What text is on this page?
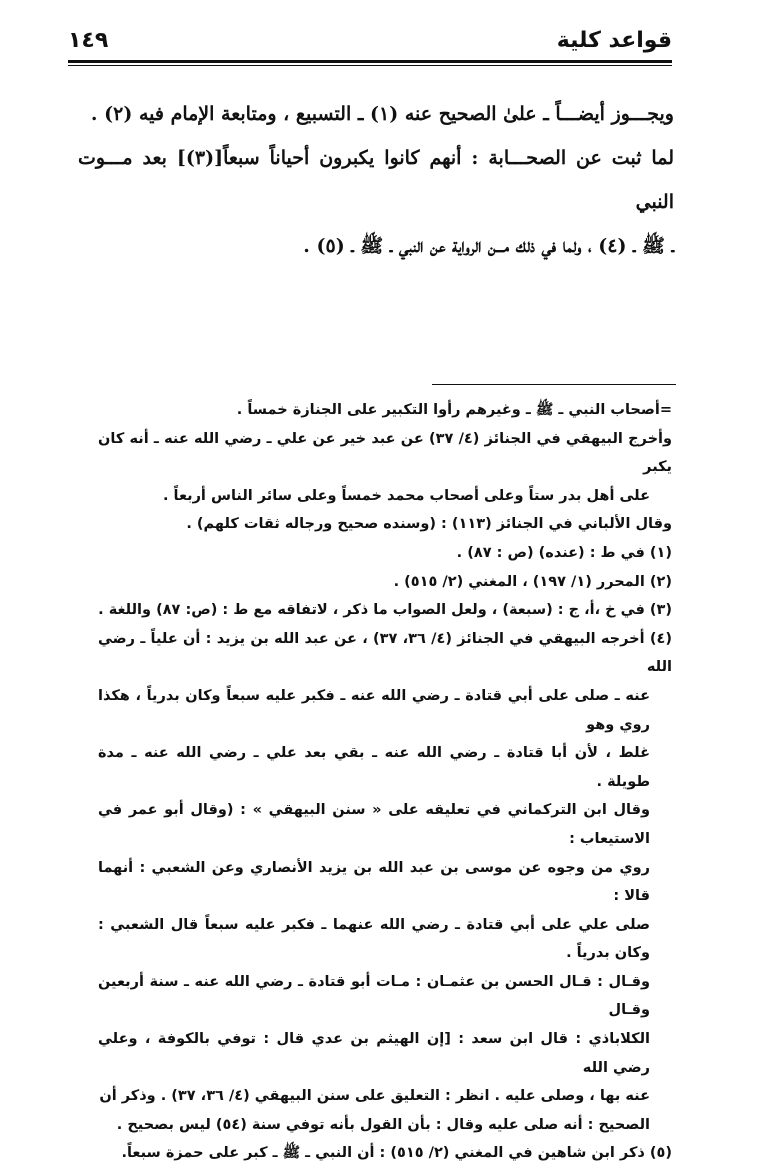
قواعد كلية
١٤٩

ويجـــوز أيضـــاً ـ علىٰ الصحيح عنه (١) ـ التسبيع ، ومتابعة الإمام فيه (٢) .

لما ثبت عن الصحـــابة : أنهم كانوا يكبرون أحياناً سبعاً[(٣)] بعد مـــوت النبي

ـ ﷺ ـ (٤) ، ولما في ذلك مـــن الرواية عن النبي ـ ﷺ ـ (٥) .

=أصحاب النبي ـ ﷺ ـ وغيرهم رأوا التكبير على الجنازة خمساً .

وأخرج البيهقي في الجنائز (٤/ ٣٧) عن عبد خير عن علي ـ رضي الله عنه ـ أنه كان يكبر

على أهل بدر ستاً وعلى أصحاب محمد خمساً وعلى سائر الناس أربعاً .

وقال الألباني في الجنائز (١١٣) : (وسنده صحيح ورجاله ثقات كلهم) .

(١) في ط : (عنده) (ص : ٨٧) .

(٢) المحرر (١/ ١٩٧) ، المغني (٢/ ٥١٥) .

(٣) في خ ،أ، ج : (سبعة) ، ولعل الصواب ما ذكر ، لاتفاقه مع ط : (ص: ٨٧) واللغة .

(٤) أخرجه البيهقي في الجنائز (٤/ ٣٦، ٣٧) ، عن عبد الله بن يزيد : أن علياً ـ رضي الله

عنه ـ صلى على أبي قتادة ـ رضي الله عنه ـ فكبر عليه سبعاً وكان بدرياً ، هكذا روي وهو

غلط ، لأن أبا قتادة ـ رضي الله عنه ـ بقي بعد علي ـ رضي الله عنه ـ مدة طويلة .

وقال ابن التركماني في تعليقه على « سنن البيهقي » : (وقال أبو عمر في الاستيعاب :

روي من وجوه عن موسى بن عبد الله بن يزيد الأنصاري وعن الشعبي : أنهما قالا :

صلى علي على أبي قتادة ـ رضي الله عنهما ـ فكبر عليه سبعاً قال الشعبي : وكان بدرياً .

وقـال : قـال الحسن بن عثمـان : مـات أبو قتادة ـ رضي الله عنه ـ سنة أربعين وقـال

الكلاباذي : قال ابن سعد : [إن الهيثم بن عدي قال : توفي بالكوفة ، وعلي رضي الله

عنه بها ، وصلى عليه . انظر : التعليق على سنن البيهقي (٤/ ٣٦، ٣٧) . وذكر أن

الصحيح : أنه صلى عليه وقال : بأن القول بأنه توفي سنة (٥٤) ليس بصحيح .

(٥) ذكر ابن شاهين في المغني (٢/ ٥١٥) : أن النبي ـ ﷺ ـ كبر على حمزة سبعاً.
